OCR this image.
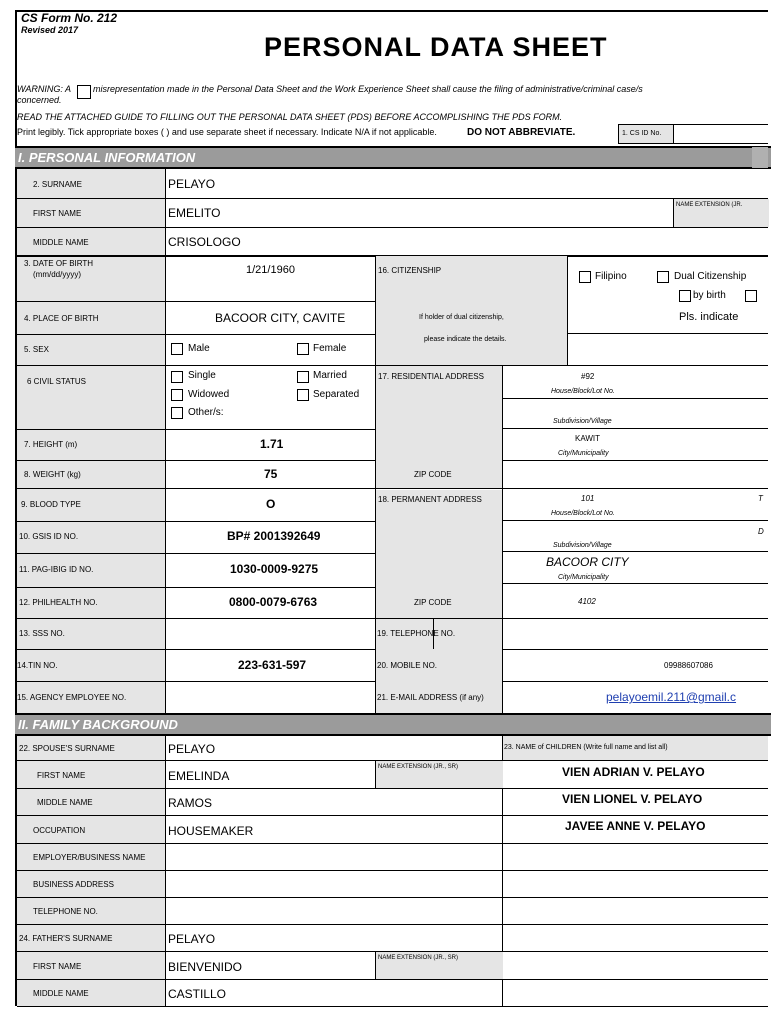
CS Form No. 212
Revised 2017
PERSONAL DATA SHEET
WARNING: A misrepresentation made in the Personal Data Sheet and the Work Experience Sheet shall cause the filing of administrative/criminal case/s
concerned.
READ THE ATTACHED GUIDE TO FILLING OUT THE PERSONAL DATA SHEET (PDS) BEFORE ACCOMPLISHING THE PDS FORM.
Print legibly. Tick appropriate boxes ( ) and use separate sheet if necessary. Indicate N/A if not applicable.	DO NOT ABBREVIATE.	1. CS ID No.
I. PERSONAL INFORMATION
2. SURNAME	PELAYO
FIRST NAME	EMELITO
NAME EXTENSION (JR.
MIDDLE NAME	CRISOLOGO
3. DATE OF BIRTH
(mm/dd/yyyy)	1/21/1960
4. PLACE OF BIRTH	BACOOR CITY, CAVITE
5. SEX	Male	Female
6 CIVIL STATUS
Single	Married
Widowed	Separated
Other/s:
7. HEIGHT (m)	1.71
8. WEIGHT (kg)	75
9. BLOOD TYPE	O
10. GSIS ID NO.	BP# 2001392649
11. PAG-IBIG ID NO.	1030-0009-9275
12. PHILHEALTH NO.	0800-0079-6763
13. SSS NO.
14.TIN NO.	223-631-597
15. AGENCY EMPLOYEE NO.
16. CITIZENSHIP
If holder of dual citizenship,
please indicate the details.
Filipino	Dual Citizenship
by birth
Pls. indicate
17. RESIDENTIAL ADDRESS	#92
House/Block/Lot No.
Subdivision/Village
KAWIT
City/Municipality
ZIP CODE
18. PERMANENT ADDRESS	101	T
House/Block/Lot No.
D
Subdivision/Village
BACOOR CITY
City/Municipality
4102
ZIP CODE
19. TELEPHONE NO.
20. MOBILE NO.	09988607086
21. E-MAIL ADDRESS (if any)	pelayoemil.211@gmail.c
II. FAMILY BACKGROUND
23. NAME of CHILDREN (Write full name and list all)
22. SPOUSE'S SURNAME	PELAYO
FIRST NAME	EMELINDA
NAME EXTENSION (JR., SR)
MIDDLE NAME	RAMOS
OCCUPATION	HOUSEMAKER
EMPLOYER/BUSINESS NAME
BUSINESS ADDRESS
TELEPHONE NO.
VIEN ADRIAN V. PELAYO
VIEN LIONEL V. PELAYO
JAVEE ANNE V. PELAYO
24. FATHER'S SURNAME	PELAYO
FIRST NAME	BIENVENIDO
NAME EXTENSION (JR., SR)
MIDDLE NAME	CASTILLO
